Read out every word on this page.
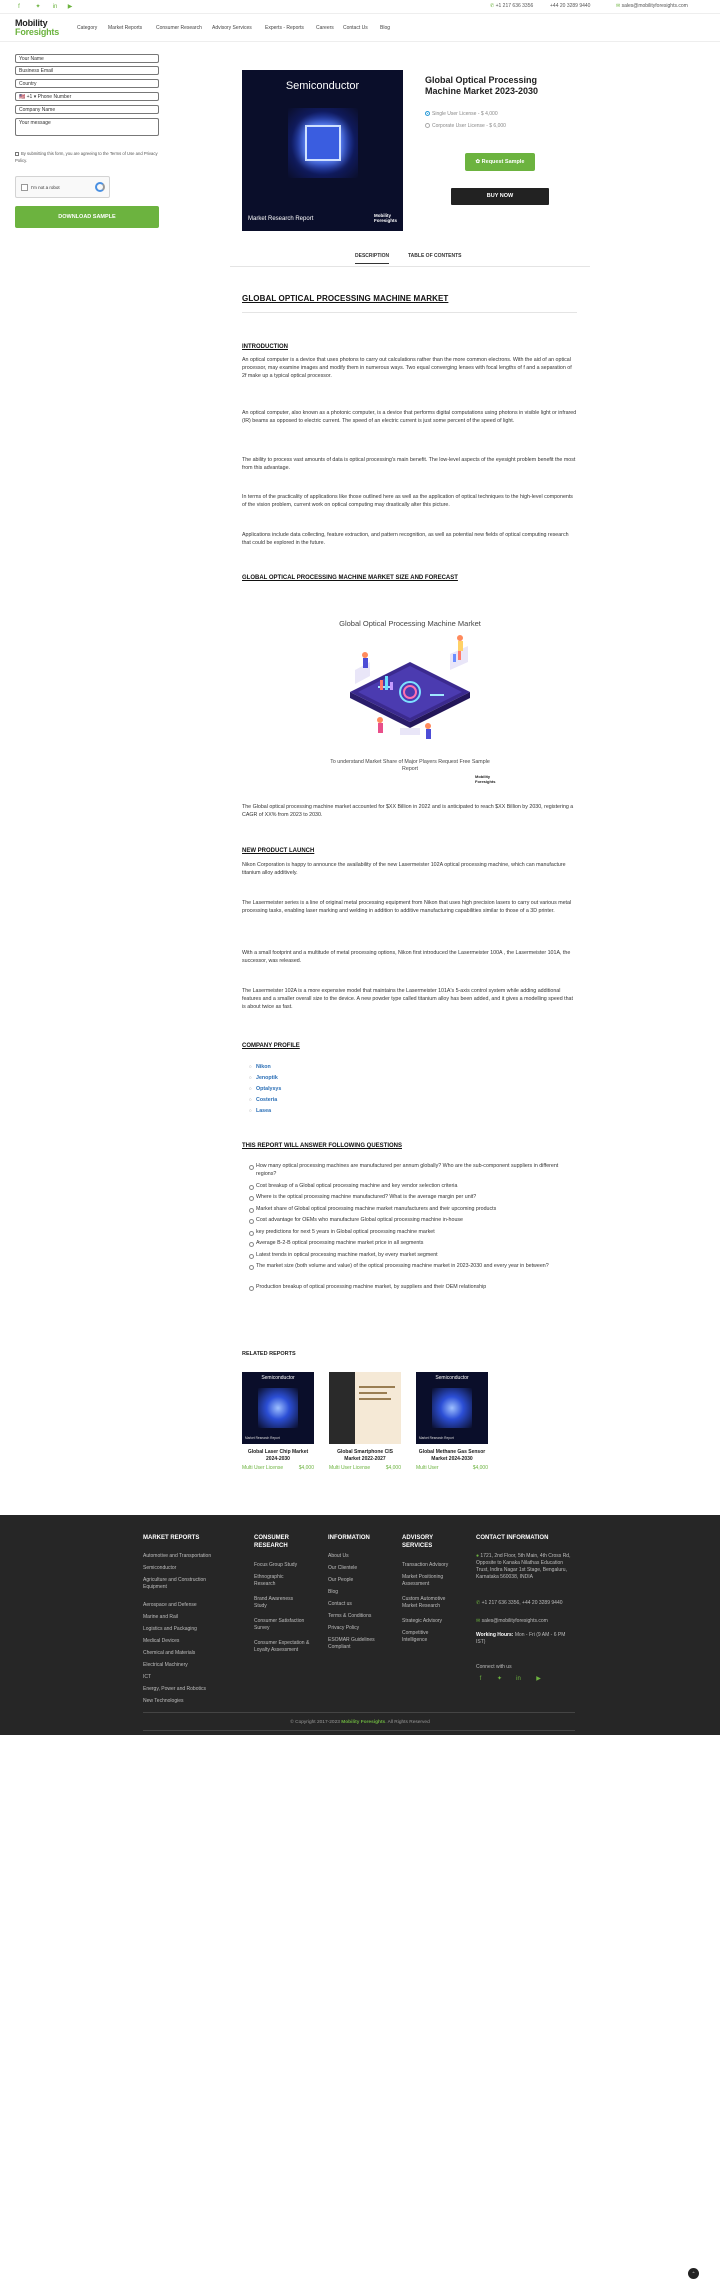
f	✦ in ▶	✆ +1 217 636 3356	+44 20 3289 9440	✉ sales@mobilityforesights.com
Mobility
Foresights	Category Market Reports	Consumer Research Advisory Services	Experts - Reports Careers Contact Us Blog
Your Name
Business Email
Country
🇺🇸 +1 ▾ Phone Number
Company Name
Your message
By submitting this form, you are agreeing to the Terms of Use and Privacy Policy.
I'm not a robot
DOWNLOAD SAMPLE
Semiconductor
Market Research Report
Mobility
Foresights
Global Optical Processing Machine Market 2023-2030
Single User License - $ 4,000
Corporate User License - $ 6,000
✿ Request Sample
BUY NOW
DESCRIPTION	TABLE OF CONTENTS
GLOBAL OPTICAL PROCESSING MACHINE MARKET
INTRODUCTION
An optical computer is a device that uses photons to carry out calculations rather than the more common electrons. With the aid of an optical processor, may examine images and modify them in numerous ways. Two equal converging lenses with focal lengths of f and a separation of 2f make up a typical optical processor.
An optical computer, also known as a photonic computer, is a device that performs digital computations using photons in visible light or infrared (IR) beams as opposed to electric current. The speed of an electric current is just some percent of the speed of light.
The ability to process vast amounts of data is optical processing's main benefit. The low-level aspects of the eyesight problem benefit the most from this advantage.
In terms of the practicality of applications like those outlined here as well as the application of optical techniques to the high-level components of the vision problem, current work on optical computing may drastically alter this picture.
Applications include data collecting, feature extraction, and pattern recognition, as well as potential new fields of optical computing research that could be explored in the future.
GLOBAL OPTICAL PROCESSING MACHINE MARKET SIZE AND FORECAST
Global Optical Processing Machine Market
To understand Market Share of Major Players Request Free Sample Report
Mobility
Foresights
The Global optical processing machine market accounted for $XX Billion in 2022 and is anticipated to reach $XX Billion by 2030, registering a CAGR of XX% from 2023 to 2030.
NEW PRODUCT LAUNCH
Nikon Corporation is happy to announce the availability of the new Lasermeister 102A optical processing machine, which can manufacture titanium alloy additively.
The Lasermeister series is a line of original metal processing equipment from Nikon that uses high precision lasers to carry out various metal processing tasks, enabling laser marking and welding in addition to additive manufacturing capabilities similar to those of a 3D printer.
With a small footprint and a multitude of metal processing options, Nikon first introduced the Lasermeister 100A , the Lasermeister 101A, the successor, was released.
The Lasermeister 102A is a more expensive model that maintains the Lasermeister 101A's 5-axis control system while adding additional features and a smaller overall size to the device. A new powder type called titanium alloy has been added, and it gives a modelling speed that is about twice as fast.
COMPANY PROFILE
○ Nikon
○ Jenoptik
○ Optalysys
○ Costeria
○ Lasea
THIS REPORT WILL ANSWER FOLLOWING QUESTIONS
How many optical processing machines are manufactured per annum globally? Who are the sub-component suppliers in different regions?
Cost breakup of a Global optical processing machine and key vendor selection criteria
Where is the optical processing machine manufactured? What is the average margin per unit?
Market share of Global optical processing machine market manufacturers and their upcoming products
Cost advantage for OEMs who manufacture Global optical processing machine in-house
key predictions for next 5 years in Global optical processing machine market
Average B-2-B optical processing machine market price in all segments
Latest trends in optical processing machine market, by every market segment
The market size (both volume and value) of the optical processing machine market in 2023-2030 and every year in between?
Production breakup of optical processing machine market, by suppliers and their OEM relationship
RELATED REPORTS
Semiconductor
Market Research Report
Global Laser Chip Market 2024-2030
Multi User License	$4,000
Global Smartphone CIS Market 2022-2027
Multi User License	$4,000
Semiconductor
Market Research Report
Global Methane Gas Sensor Market 2024-2030
Multi User	$4,000
MARKET REPORTS
Automotive and Transportation
Semiconductor
Agriculture and Construction Equipment
Aerospace and Defense
Marine and Rail
Logistics and Packaging
Medical Devices
Chemical and Materials
Electrical Machinery
ICT
Energy, Power and Robotics
New Technologies
CONSUMER
RESEARCH
Focus Group Study
Ethnographic Research
Brand Awareness Study
Consumer Satisfaction Survey
Consumer Expectation & Loyalty Assessment
INFORMATION
About Us
Our Clientele
Our People
Blog
Contact us
Terms & Conditions
Privacy Policy
ESOMAR Guidelines Compliant
ADVISORY
SERVICES
Transaction Advisory
Market Positioning Assessment
Custom Automotive Market Research
Strategic Advisory
Competitive Intelligence
CONTACT INFORMATION
● 1721, 2nd Floor, 5th Main, 4th Cross Rd, Opposite to Kanaka Nilathas Education Trust, Indira Nagar 1st Stage, Bengaluru, Karnataka 560038, INDIA
✆ +1 217 636 3356, +44 20 3289 9440
✉ sales@mobilityforesights.com
Working Hours: Mon - Fri (9 AM - 6 PM IST)
Connect with us
f	✦ in	▶
© Copyright 2017-2023 Mobility Foresights. All Rights Reserved
⌃
